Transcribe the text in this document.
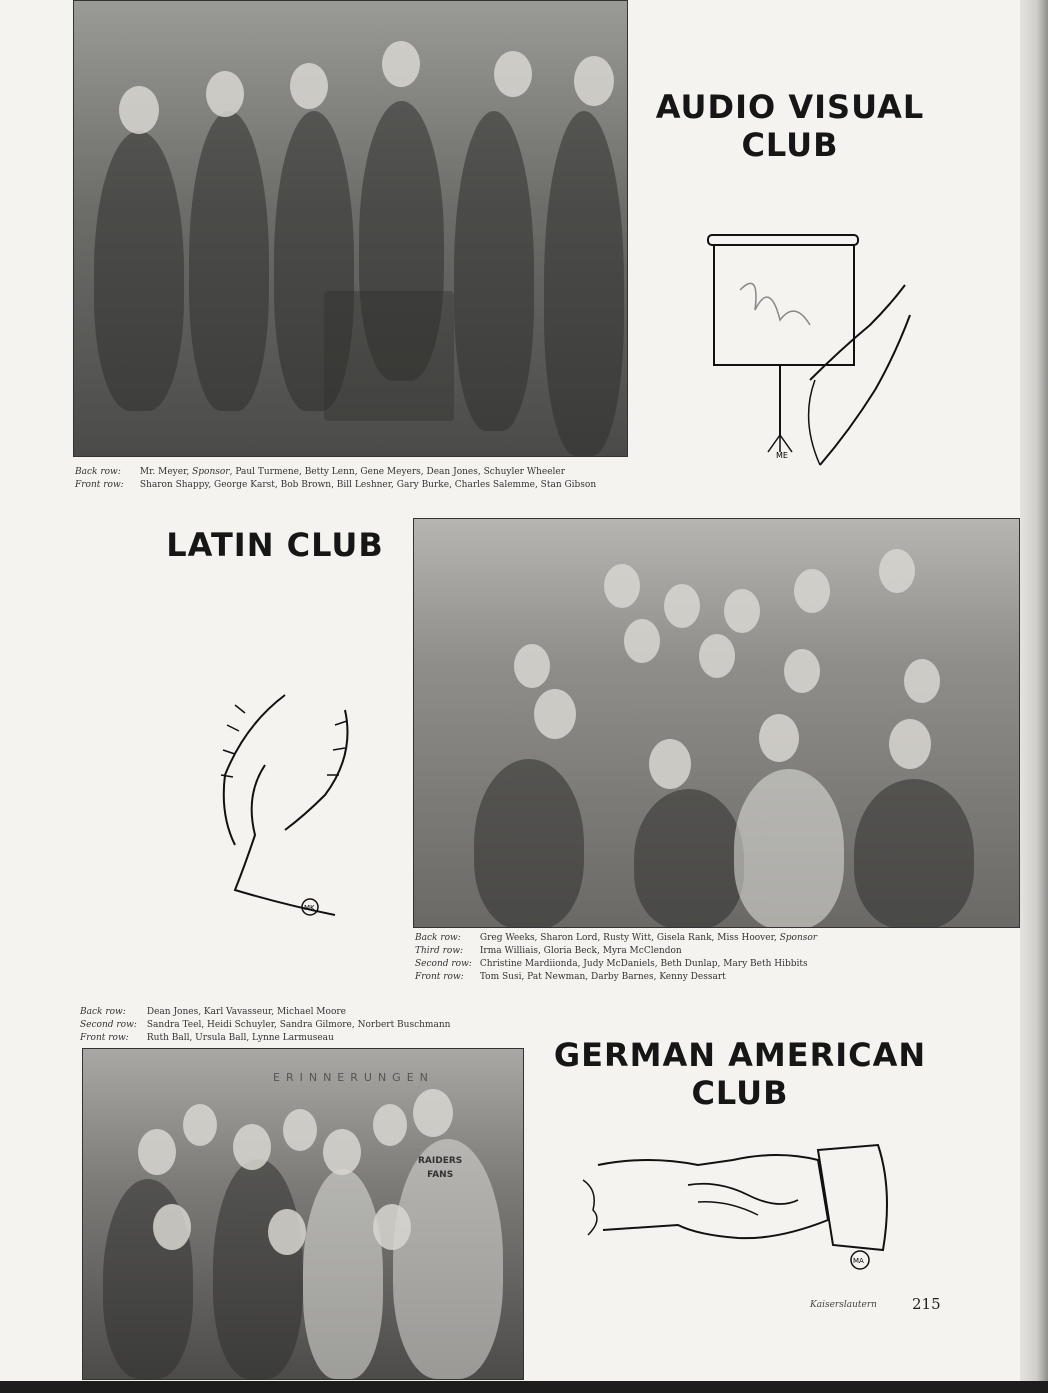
AUDIO VISUAL
CLUB
ME
Back row: Mr. Meyer, Sponsor, Paul Turmene, Betty Lenn, Gene Meyers, Dean Jones, Schuyler Wheeler
Front row: Sharon Shappy, George Karst, Bob Brown, Bill Leshner, Gary Burke, Charles Salemme, Stan Gibson
LATIN CLUB
MK
Back row: Greg Weeks, Sharon Lord, Rusty Witt, Gisela Rank, Miss Hoover, Sponsor
Third row: Irma Williais, Gloria Beck, Myra McClendon
Second row: Christine Mardiionda, Judy McDaniels, Beth Dunlap, Mary Beth Hibbits
Front row: Tom Susi, Pat Newman, Darby Barnes, Kenny Dessart
Back row: Dean Jones, Karl Vavasseur, Michael Moore
Second row: Sandra Teel, Heidi Schuyler, Sandra Gilmore, Norbert Buschmann
Front row: Ruth Ball, Ursula Ball, Lynne Larmuseau
ERINNERUNGEN
RAIDERS
FANS
GERMAN AMERICAN
CLUB
MA
Kaiserslautern 215
